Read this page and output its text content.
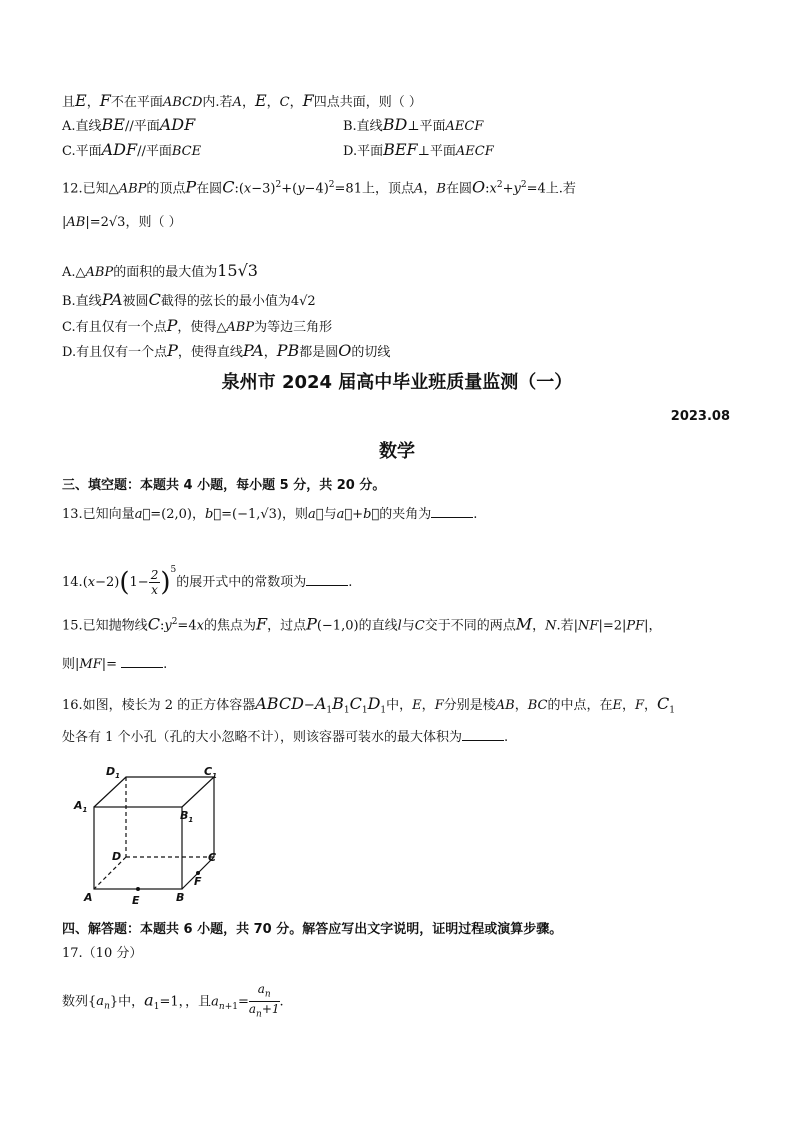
且E，F不在平面ABCD内.若A，E，C，F四点共面，则（ ）
A.直线BE//平面ADF	B.直线BD⊥平面AECF
C.平面ADF//平面BCE	D.平面BEF⊥平面AECF
12.已知△ABP的顶点P在圆$C:(x-3)^2+(y-4)^2=81$上，顶点A，B在圆$O:x^2+y^2=4$上.若
|AB|=2√3，则（ ）
A.△ABP的面积的最大值为15√3
B.直线PA被圆C截得的弦长的最小值为4√2
C.有且仅有一个点P，使得△ABP为等边三角形
D.有且仅有一个点P，使得直线PA，PB都是圆O的切线
泉州市 2024 届高中毕业班质量监测（一）
2023.08
数学
三、填空题：本题共 4 小题，每小题 5 分，共 20 分。
13.已知向量a⃗=(2,0)，b⃗=(−1,√3)，则a⃗与a⃗+b⃗的夹角为	.
$14.(x-2)(1- \frac{2}{x} )^5$的展开式中的常数项为	.
15.已知抛物线$C:y^2=4x$的焦点为F，过点P(−1,0)的直线l与C交于不同的两点M，N.若|NF|=2|PF|，
则|MF|=	.
16.如图，棱长为 2 的正方体容器$ABCD-A_1B_1C_1D_1$中，E，F分别是棱AB，BC的中点，在E，F，$C_1$
处各有 1 个小孔（孔的大小忽略不计），则该容器可装水的最大体积为	.
$D_1$	$C_1$
$A_1$	$B_1$
D	C
A	E	B
F
四、解答题：本题共 6 小题，共 70 分。解答应写出文字说明，证明过程或演算步骤。
17.（10 分）
数列$\{a_n\}$中，$a_1=1$，，且$a_{n+1}= \frac{a_n}{a_n+1}$ .
